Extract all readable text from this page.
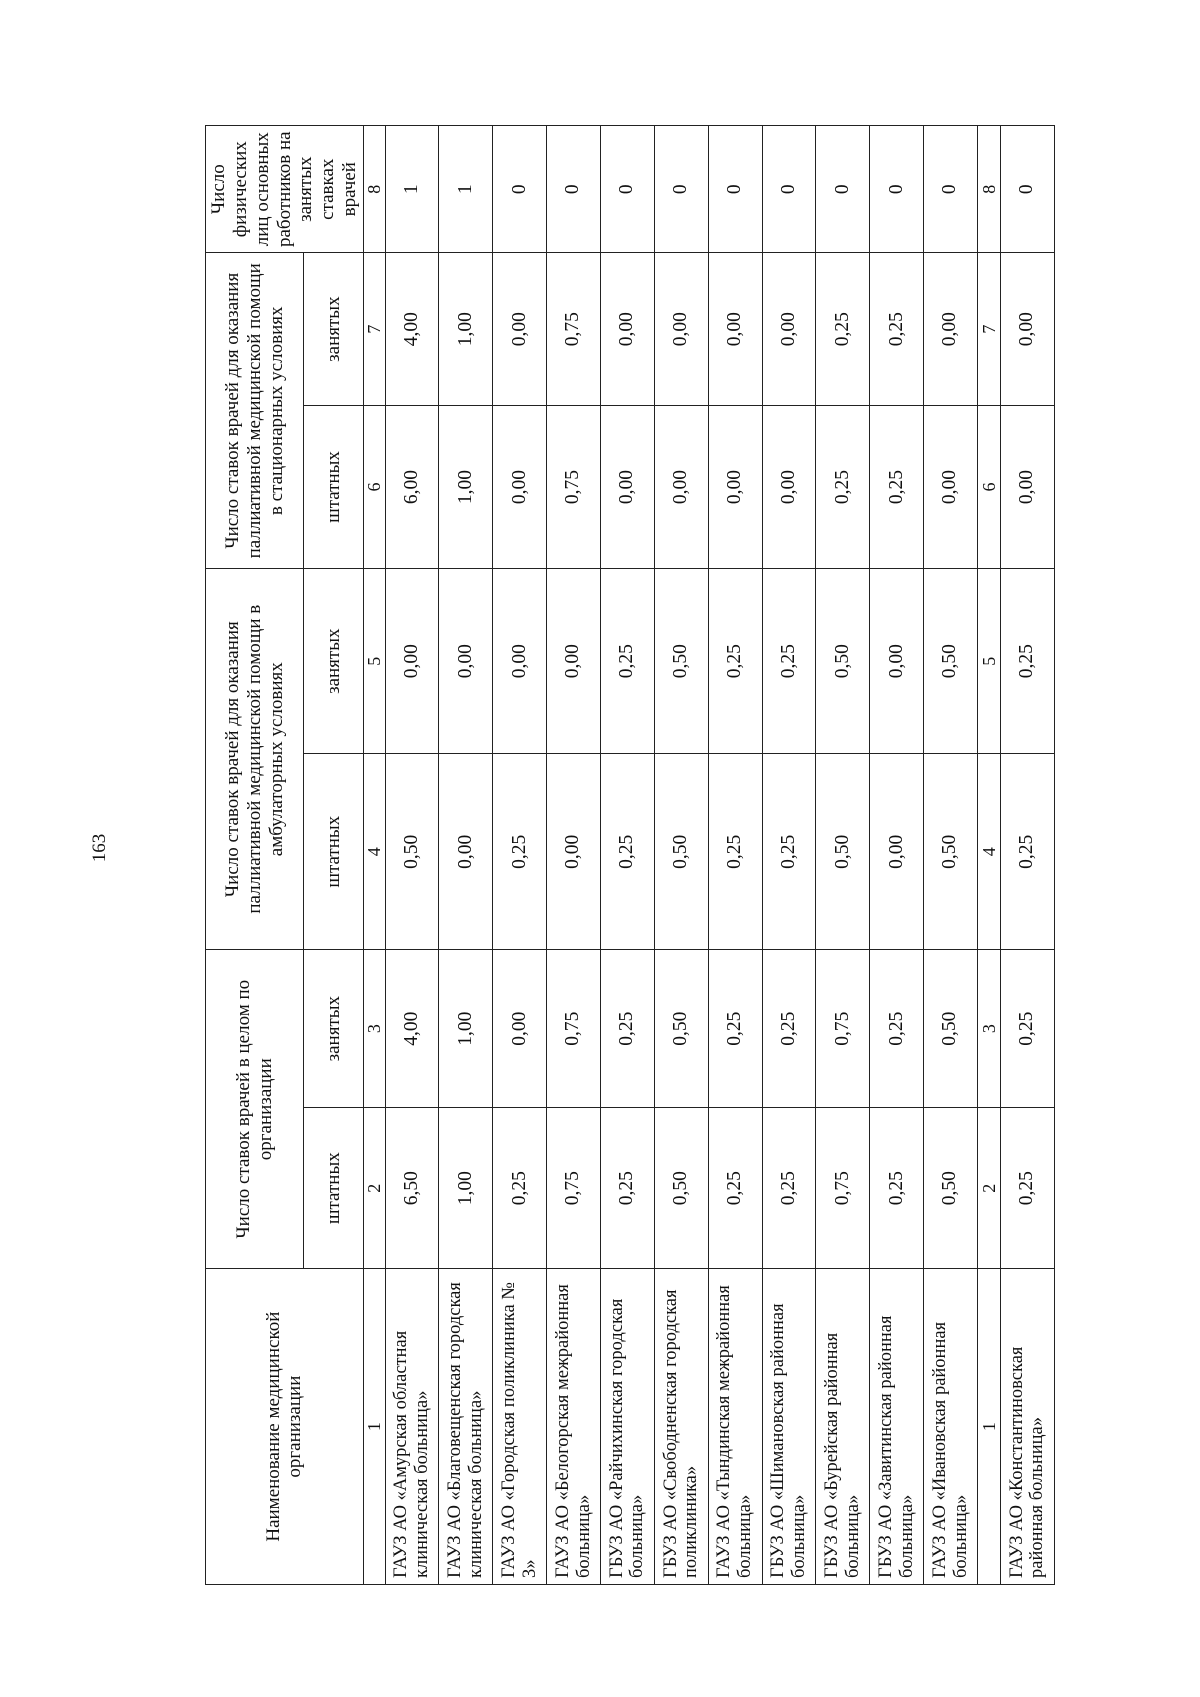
163
Наименование медицинской организации	Число ставок врачей в целом по организации		Число ставок врачей для оказания паллиативной медицинской помощи в амбулаторных условиях		Число ставок врачей для оказания паллиативной медицинской помощи в стационарных условиях		Число физических лиц основных работников на занятых ставках врачей
	штатных	занятых	штатных	занятых	штатных	занятых	
1	2	3	4	5	6	7	8
ГАУЗ АО «Амурская областная клиническая больница»	6,50	4,00	0,50	0,00	6,00	4,00	1
ГАУЗ АО «Благовещенская городская клиническая больница»	1,00	1,00	0,00	0,00	1,00	1,00	1
ГАУЗ АО «Городская поликлиника № 3»	0,25	0,00	0,25	0,00	0,00	0,00	0
ГАУЗ АО «Белогорская межрайонная больница»	0,75	0,75	0,00	0,00	0,75	0,75	0
ГБУЗ АО «Райчихинская городская больница»	0,25	0,25	0,25	0,25	0,00	0,00	0
ГБУЗ АО «Свободненская городская поликлиника»	0,50	0,50	0,50	0,50	0,00	0,00	0
ГАУЗ АО «Тындинская межрайонная больница»	0,25	0,25	0,25	0,25	0,00	0,00	0
ГБУЗ АО «Шимановская районная больница»	0,25	0,25	0,25	0,25	0,00	0,00	0
ГБУЗ АО «Бурейская районная больница»	0,75	0,75	0,50	0,50	0,25	0,25	0
ГБУЗ АО «Завитинская районная больница»	0,25	0,25	0,00	0,00	0,25	0,25	0
ГАУЗ АО «Ивановская районная больница»	0,50	0,50	0,50	0,50	0,00	0,00	0
1	2	3	4	5	6	7	8
ГАУЗ АО «Константиновская районная больница»	0,25	0,25	0,25	0,25	0,00	0,00	0
